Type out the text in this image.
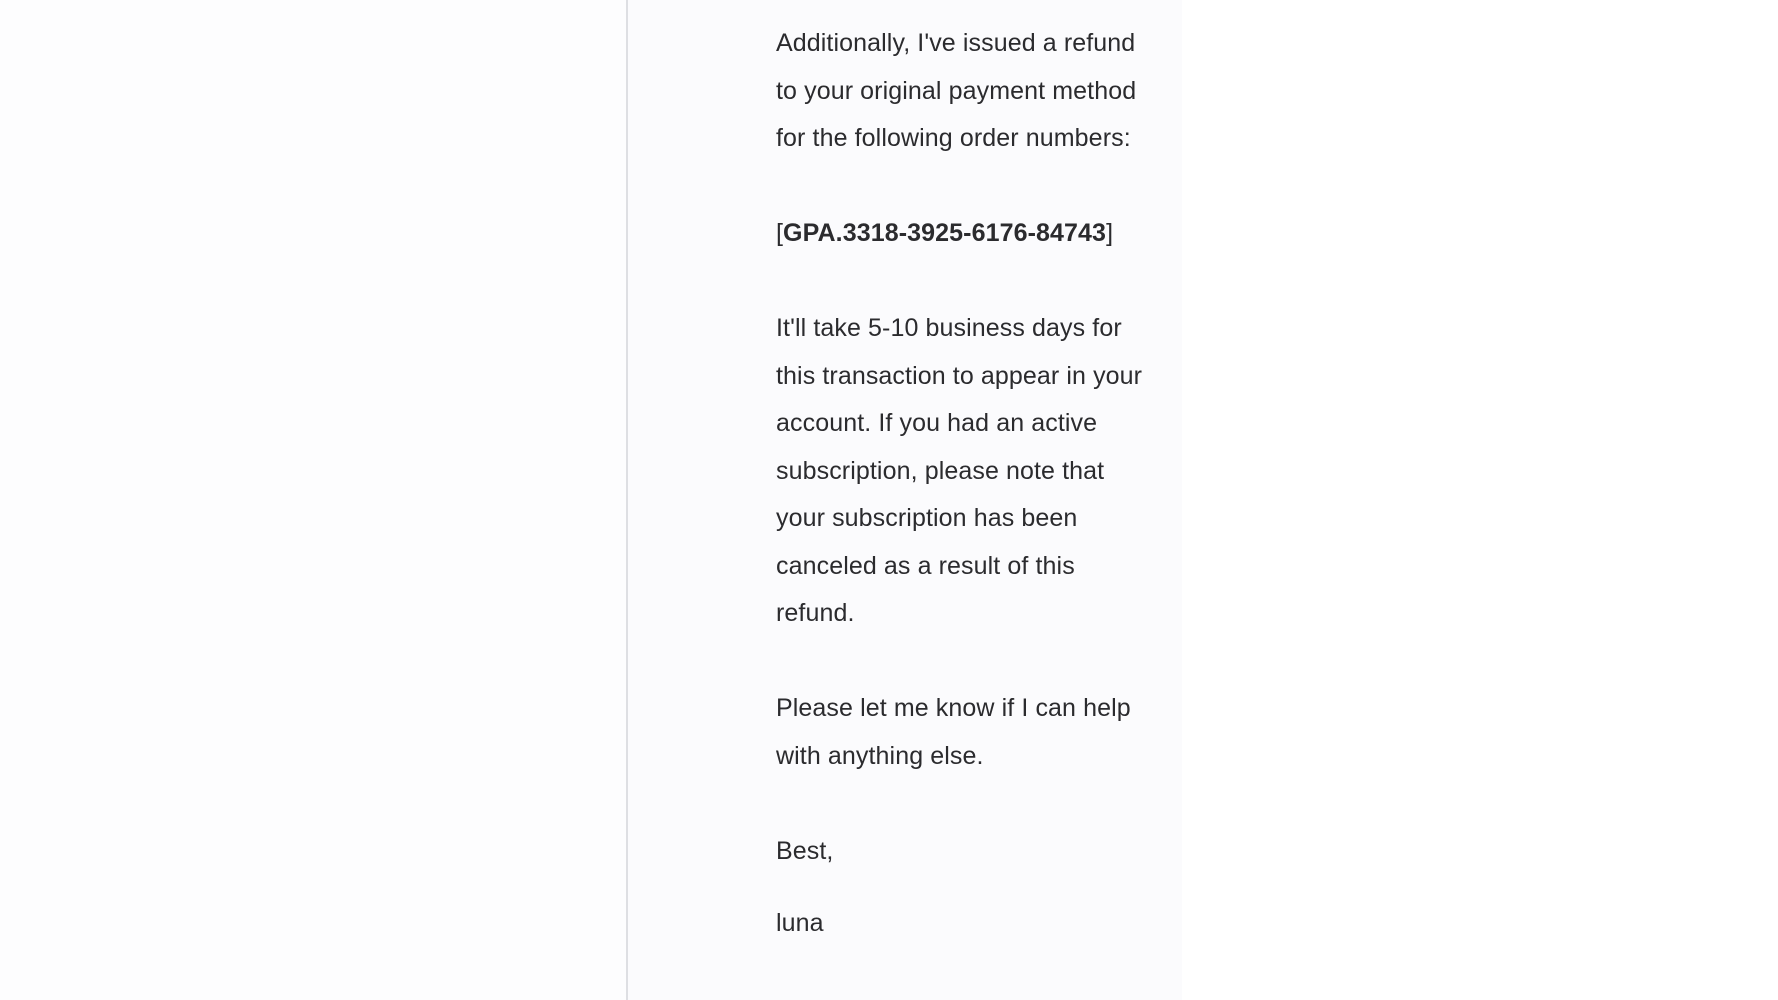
Additionally, I've issued a refund to your original payment method for the following order numbers:

[GPA.3318-3925-6176-84743]

It'll take 5-10 business days for this transaction to appear in your account. If you had an active subscription, please note that your subscription has been canceled as a result of this refund.

Please let me know if I can help with anything else.

Best,

luna
